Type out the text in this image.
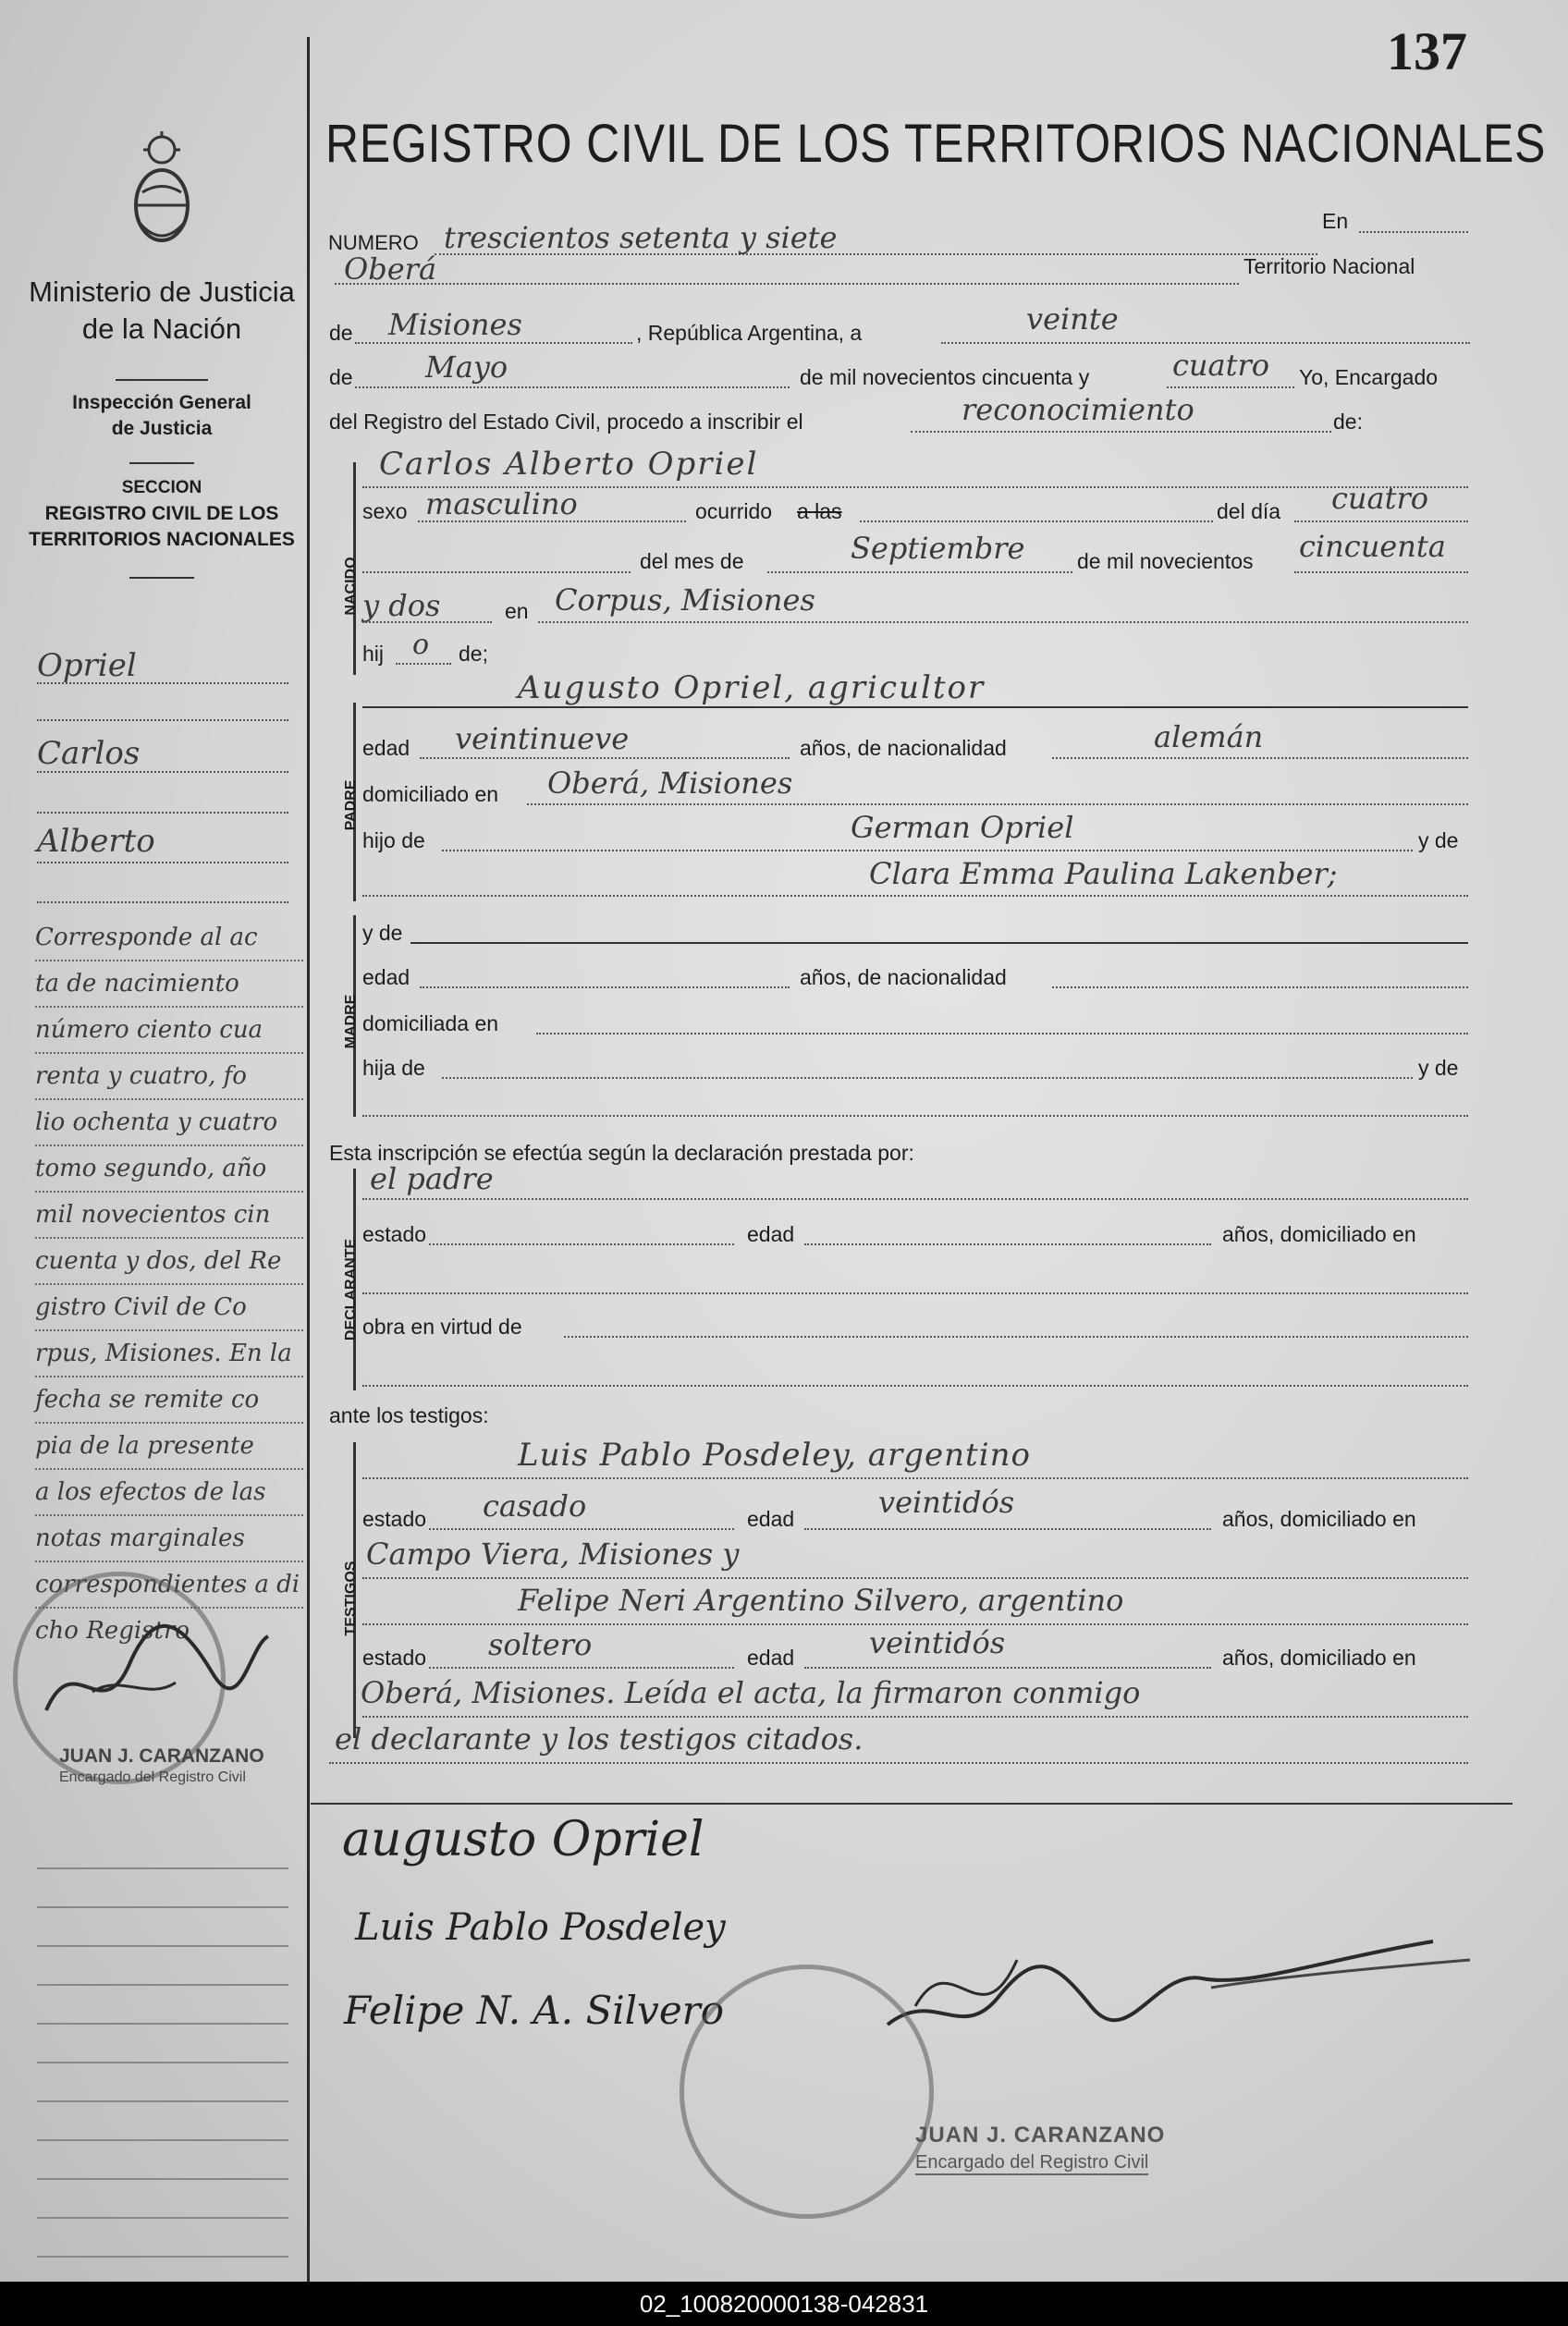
137
Ministerio de Justicia
de la Nación
Inspección General
de Justicia
SECCION
REGISTRO CIVIL DE LOS
TERRITORIOS NACIONALES
Opriel
Carlos
Alberto
Corresponde al ac
ta de nacimiento
número ciento cua
renta y cuatro, fo
lio ochenta y cuatro
tomo segundo, año
mil novecientos cin
cuenta y dos, del Re
gistro Civil de Co
rpus, Misiones. En la
fecha se remite co
pia de la presente
a los efectos de las
notas marginales
correspondientes a di
cho Registro

JUAN J. CARANZANO
Encargado del Registro Civil
REGISTRO CIVIL DE LOS TERRITORIOS NACIONALES
NUMERO trescientos setenta y siete	En
Oberá	Territorio Nacional
de Misiones	, República Argentina, a	veinte
de Mayo	de mil novecientos cincuenta y	cuatro Yo, Encargado
del Registro del Estado Civil, procedo a inscribir el	reconocimiento	de:
NACIDO
Carlos Alberto Opriel
sexo masculino	ocurrido a las	del día cuatro
del mes de	Septiembre de mil novecientos cincuenta
y dos	en Corpus, Misiones
hij o de;
PADRE
Augusto Opriel, agricultor
edad veintinueve	años, de nacionalidad	alemán
domiciliado en Oberá, Misiones
hijo de	German Opriel	y de
Clara Emma Paulina Lakenber;
MADRE
y de
edad	años, de nacionalidad
domiciliada en
hija de	y de
Esta inscripción se efectúa según la declaración prestada por:
DECLARANTE
el padre
estado	edad	años, domiciliado en
obra en virtud de
ante los testigos:
TESTIGOS
Luis Pablo Posdeley, argentino
estado casado	edad	veintidós	años, domiciliado en
Campo Viera, Misiones y
Felipe Neri Argentino Silvero, argentino
estado soltero	edad	veintidós	años, domiciliado en
Oberá, Misiones. Leída el acta, la firmaron conmigo
el declarante y los testigos citados.
augusto Opriel
Luis Pablo Posdeley
Felipe N. A. Silvero
JUAN J. CARANZANO
Encargado del Registro Civil
02_100820000138-042831
